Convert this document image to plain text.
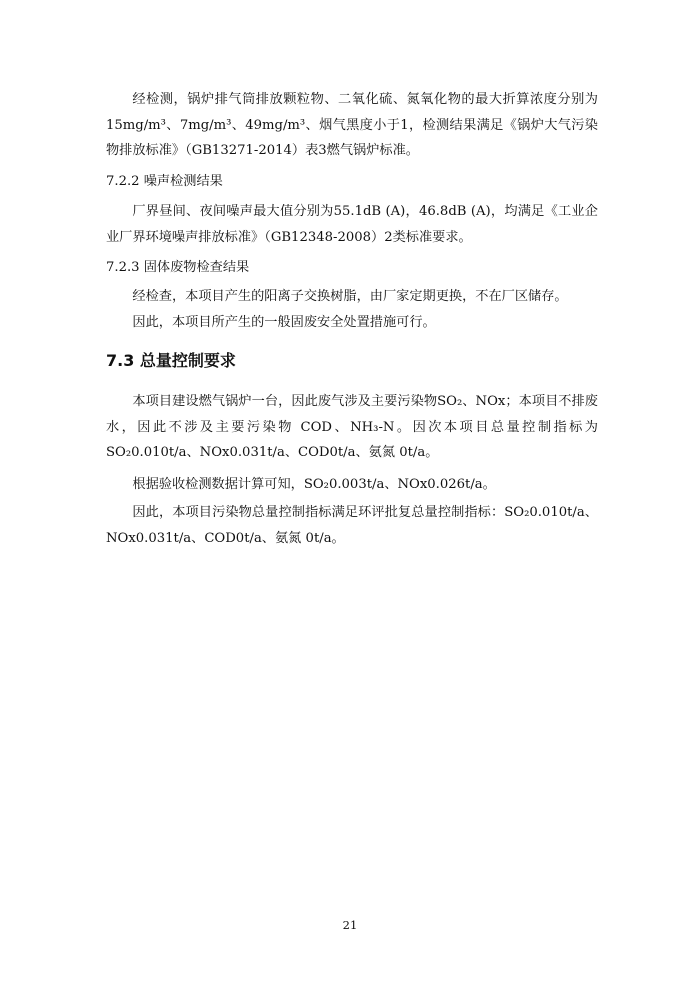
经检测，锅炉排气筒排放颗粒物、二氧化硫、氮氧化物的最大折算浓度分别为15mg/m³、7mg/m³、49mg/m³、烟气黑度小于1，检测结果满足《锅炉大气污染物排放标准》（GB13271-2014）表3燃气锅炉标准。

7.2.2 噪声检测结果

厂界昼间、夜间噪声最大值分别为55.1dB (A)，46.8dB (A)，均满足《工业企业厂界环境噪声排放标准》（GB12348-2008）2类标准要求。

7.2.3 固体废物检查结果

经检查，本项目产生的阳离子交换树脂，由厂家定期更换，不在厂区储存。

因此，本项目所产生的一般固废安全处置措施可行。

7.3 总量控制要求

本项目建设燃气锅炉一台，因此废气涉及主要污染物SO₂、NOx；本项目不排废水，因此不涉及主要污染物 COD、NH₃-N。因次本项目总量控制指标为SO₂0.010t/a、NOx0.031t/a、COD0t/a、氨氮 0t/a。

根据验收检测数据计算可知，SO₂0.003t/a、NOx0.026t/a。

因此，本项目污染物总量控制指标满足环评批复总量控制指标：SO₂0.010t/a、NOx0.031t/a、COD0t/a、氨氮 0t/a。

21
